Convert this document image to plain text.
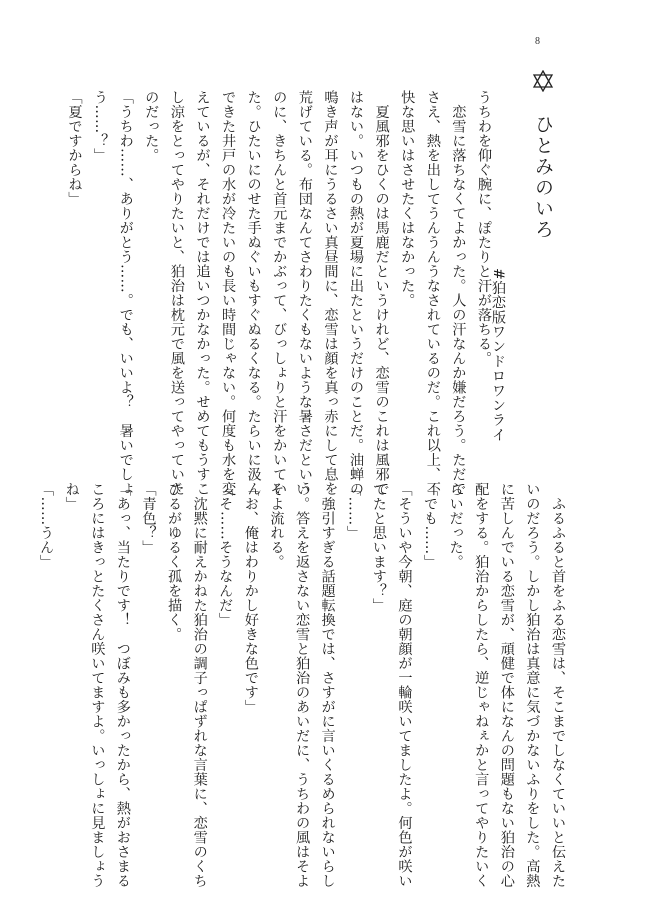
8
ひとみのいろ
#狛恋版ワンドロワンライ

うちわを仰ぐ腕に、ぽたりと汗が落ちる。

　恋雪に落ちなくてよかった。人の汗なんか嫌だろう。ただでさえ、熱を出してうんうんうなされているのだ。これ以上、不快な思いはさせたくはなかった。

　夏風邪をひくのは馬鹿だというけれど、恋雪のこれは風邪ではない。いつもの熱が夏場に出たというだけのことだ。油蝉の鳴き声が耳にうるさい真昼間に、恋雪は顔を真っ赤にして息を荒げている。布団なんてさわりたくもないような暑さだというのに、きちんと首元までかぶって、びっしょりと汗をかいていた。ひたいにのせた手ぬぐいもすぐぬるくなる。たらいに汲んできた井戸の水が冷たいのも長い時間じゃない。何度も水を変えているが、それだけでは追いつかなかった。せめてもうすこし涼をとってやりたいと、狛治は枕元で風を送ってやっていたのだった。

「うちわ……、ありがとう……。でも、いいよ？　暑いでしょう……？」

「夏ですからね」

　ふるふると首をふる恋雪は、そこまでしなくていいと伝えたいのだろう。しかし狛治は真意に気づかないふりをした。高熱に苦しんでいる恋雪が、頑健で体になんの問題もない狛治の心配をする。狛治からしたら、逆じゃねぇかと言ってやりたいくらいだった。

「でも……」

「そういや今朝、庭の朝顔が一輪咲いてましたよ。何色が咲いてたと思います？」

「……」

　強引すぎる話題転換では、さすがに言いくるめられないらしい。答えを返さない恋雪と狛治のあいだに、うちわの風はそよそよ流れる。

「お、俺はわりかし好きな色です」

「そ……そうなんだ」

　沈黙に耐えかねた狛治の調子っぱずれな言葉に、恋雪のくちびるがゆるく孤を描く。

「青色？」

「あっ、当たりです！　つぼみも多かったから、熱がおさまるころにはきっとたくさん咲いてますよ。いっしょに見ましょうね」

「……うん」
